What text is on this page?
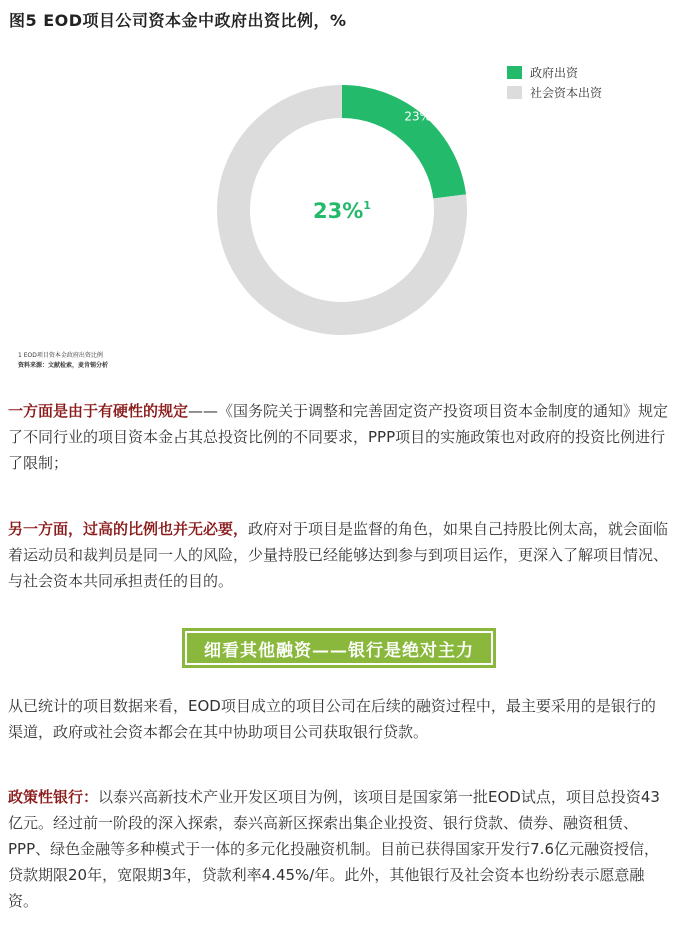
图5 EOD项目公司资本金中政府出资比例，%
23%
77%
23%$^1$
政府出资
社会资本出资
1 EOD项目资本金政府出资比例
资料来源：文献检索，麦肯锡分析

一方面是由于有硬性的规定——《国务院关于调整和完善固定资产投资项目资本金制度的通知》规定了不同行业的项目资本金占其总投资比例的不同要求，PPP项目的实施政策也对政府的投资比例进行了限制；

另一方面，过高的比例也并无必要，政府对于项目是监督的角色，如果自己持股比例太高，就会面临着运动员和裁判员是同一人的风险，少量持股已经能够达到参与到项目运作，更深入了解项目情况、与社会资本共同承担责任的目的。

细看其他融资——银行是绝对主力

从已统计的项目数据来看，EOD项目成立的项目公司在后续的融资过程中，最主要采用的是银行的渠道，政府或社会资本都会在其中协助项目公司获取银行贷款。

政策性银行：以泰兴高新技术产业开发区项目为例，该项目是国家第一批EOD试点，项目总投资43亿元。经过前一阶段的深入探索，泰兴高新区探索出集企业投资、银行贷款、债券、融资租赁、PPP、绿色金融等多种模式于一体的多元化投融资机制。目前已获得国家开发行7.6亿元融资授信，贷款期限20年，宽限期3年，贷款利率4.45%/年。此外，其他银行及社会资本也纷纷表示愿意融资。
